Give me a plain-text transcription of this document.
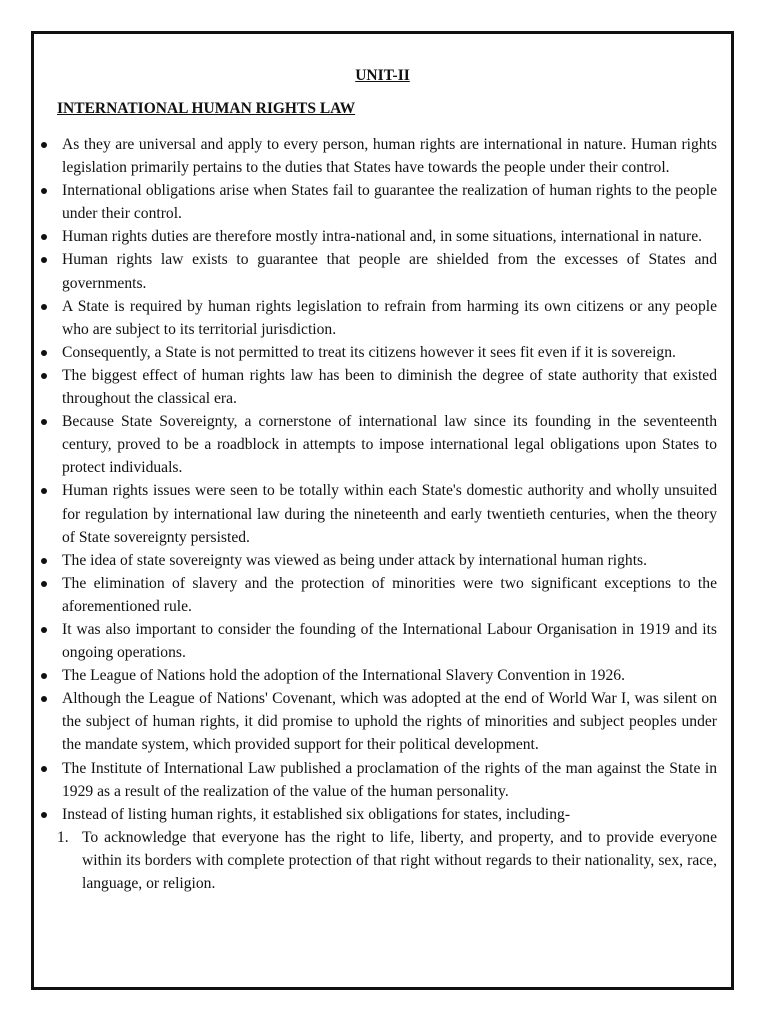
UNIT-II
INTERNATIONAL HUMAN RIGHTS LAW
As they are universal and apply to every person, human rights are international in nature. Human rights legislation primarily pertains to the duties that States have towards the people under their control.
International obligations arise when States fail to guarantee the realization of human rights to the people under their control.
Human rights duties are therefore mostly intra-national and, in some situations, international in nature.
Human rights law exists to guarantee that people are shielded from the excesses of States and governments.
A State is required by human rights legislation to refrain from harming its own citizens or any people who are subject to its territorial jurisdiction.
Consequently, a State is not permitted to treat its citizens however it sees fit even if it is sovereign.
The biggest effect of human rights law has been to diminish the degree of state authority that existed throughout the classical era.
Because State Sovereignty, a cornerstone of international law since its founding in the seventeenth century, proved to be a roadblock in attempts to impose international legal obligations upon States to protect individuals.
Human rights issues were seen to be totally within each State's domestic authority and wholly unsuited for regulation by international law during the nineteenth and early twentieth centuries, when the theory of State sovereignty persisted.
The idea of state sovereignty was viewed as being under attack by international human rights.
The elimination of slavery and the protection of minorities were two significant exceptions to the aforementioned rule.
It was also important to consider the founding of the International Labour Organisation in 1919 and its ongoing operations.
The League of Nations hold the adoption of the International Slavery Convention in 1926.
Although the League of Nations' Covenant, which was adopted at the end of World War I, was silent on the subject of human rights, it did promise to uphold the rights of minorities and subject peoples under the mandate system, which provided support for their political development.
The Institute of International Law published a proclamation of the rights of the man against the State in 1929 as a result of the realization of the value of the human personality.
Instead of listing human rights, it established six obligations for states, including-
1. To acknowledge that everyone has the right to life, liberty, and property, and to provide everyone within its borders with complete protection of that right without regards to their nationality, sex, race, language, or religion.
